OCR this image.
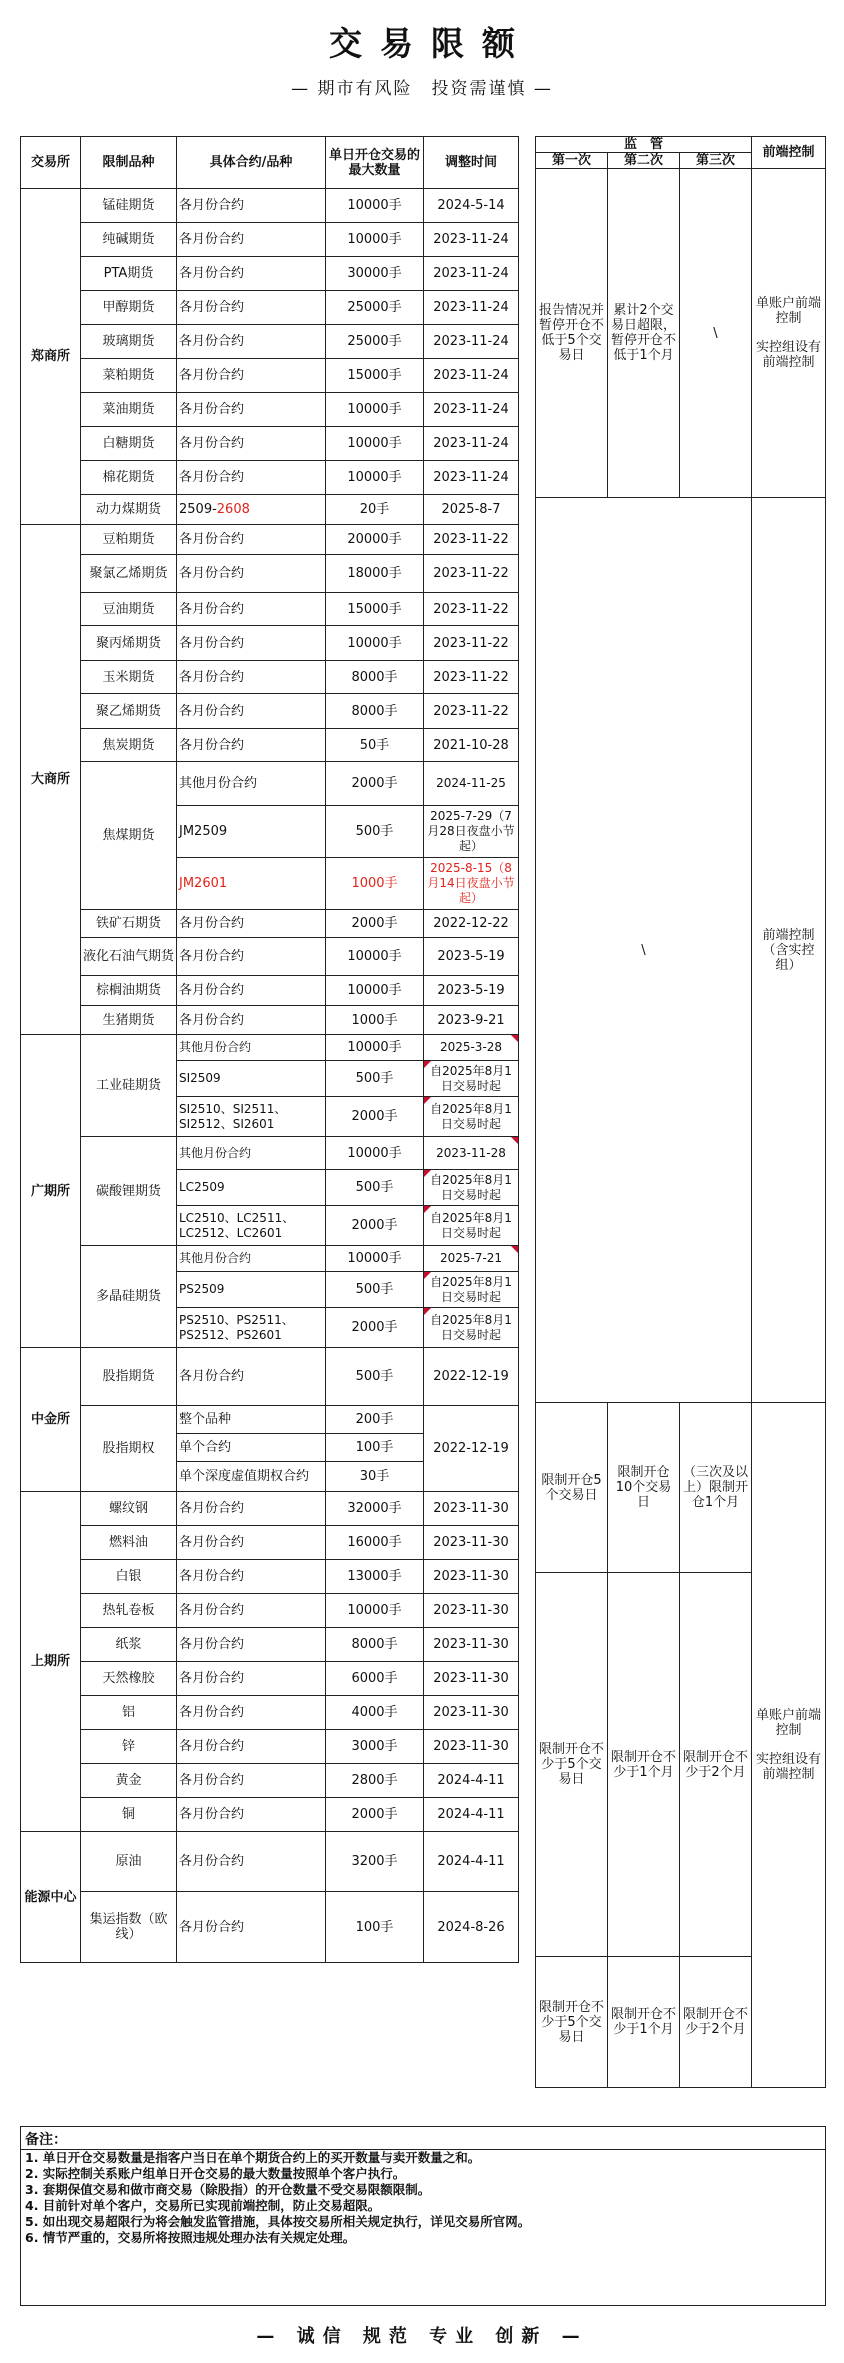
交易限额
— 期市有风险　投资需谨慎 —
交易所	限制品种	具体合约/品种	单日开仓交易的最大数量	调整时间
郑商所	锰硅期货	各月份合约	10000手	2024-5-14
	纯碱期货	各月份合约	10000手	2023-11-24
	PTA期货	各月份合约	30000手	2023-11-24
	甲醇期货	各月份合约	25000手	2023-11-24
	玻璃期货	各月份合约	25000手	2023-11-24
	菜粕期货	各月份合约	15000手	2023-11-24
	菜油期货	各月份合约	10000手	2023-11-24
	白糖期货	各月份合约	10000手	2023-11-24
	棉花期货	各月份合约	10000手	2023-11-24
	动力煤期货	2509-2608	20手	2025-8-7
大商所	豆粕期货	各月份合约	20000手	2023-11-22
	聚氯乙烯期货	各月份合约	18000手	2023-11-22
	豆油期货	各月份合约	15000手	2023-11-22
	聚丙烯期货	各月份合约	10000手	2023-11-22
	玉米期货	各月份合约	8000手	2023-11-22
	聚乙烯期货	各月份合约	8000手	2023-11-22
	焦炭期货	各月份合约	50手	2021-10-28
	焦煤期货	其他月份合约	2000手	2024-11-25
		JM2509	500手	2025-7-29（7月28日夜盘小节起）
		JM2601	1000手	2025-8-15（8月14日夜盘小节起）
	铁矿石期货	各月份合约	2000手	2022-12-22
	液化石油气期货	各月份合约	10000手	2023-5-19
	棕榈油期货	各月份合约	10000手	2023-5-19
	生猪期货	各月份合约	1000手	2023-9-21
广期所	工业硅期货	其他月份合约	10000手	2025-3-28
		SI2509	500手	自2025年8月1日交易时起
		SI2510、SI2511、SI2512、SI2601	2000手	自2025年8月1日交易时起
	碳酸锂期货	其他月份合约	10000手	2023-11-28
		LC2509	500手	自2025年8月1日交易时起
		LC2510、LC2511、LC2512、LC2601	2000手	自2025年8月1日交易时起
	多晶硅期货	其他月份合约	10000手	2025-7-21
		PS2509	500手	自2025年8月1日交易时起
		PS2510、PS2511、PS2512、PS2601	2000手	自2025年8月1日交易时起
中金所	股指期货	各月份合约	500手	2022-12-19
	股指期权	整个品种	200手	2022-12-19
		单个合约	100手	
		单个深度虚值期权合约	30手	
上期所	螺纹钢	各月份合约	32000手	2023-11-30
	燃料油	各月份合约	16000手	2023-11-30
	白银	各月份合约	13000手	2023-11-30
	热轧卷板	各月份合约	10000手	2023-11-30
	纸浆	各月份合约	8000手	2023-11-30
	天然橡胶	各月份合约	6000手	2023-11-30
	铝	各月份合约	4000手	2023-11-30
	锌	各月份合约	3000手	2023-11-30
	黄金	各月份合约	2800手	2024-4-11
	铜	各月份合约	2000手	2024-4-11
能源中心	原油	各月份合约	3200手	2024-4-11
	集运指数（欧线）	各月份合约	100手	2024-8-26
监　管			前端控制
第一次	第二次	第三次	
报告情况并暂停开仓不低于5个交易日	累计2个交易日超限，暂停开仓不低于1个月	\	单账户前端控制
实控组设有前端控制

\			前端控制（含实控组）
限制开仓5个交易日	限制开仓10个交易日	（三次及以上）限制开仓1个月	单账户前端控制
实控组设有前端控制

限制开仓不少于5个交易日	限制开仓不少于1个月	限制开仓不少于2个月	
限制开仓不少于5个交易日	限制开仓不少于1个月	限制开仓不少于2个月	
备注：
1. 单日开仓交易数量是指客户当日在单个期货合约上的买开数量与卖开数量之和。
2. 实际控制关系账户组单日开仓交易的最大数量按照单个客户执行。
3. 套期保值交易和做市商交易（除股指）的开仓数量不受交易限额限制。
4. 目前针对单个客户，交易所已实现前端控制，防止交易超限。
5. 如出现交易超限行为将会触发监管措施，具体按交易所相关规定执行，详见交易所官网。
6. 情节严重的，交易所将按照违规处理办法有关规定处理。
— 诚信 规范 专业 创新 —
